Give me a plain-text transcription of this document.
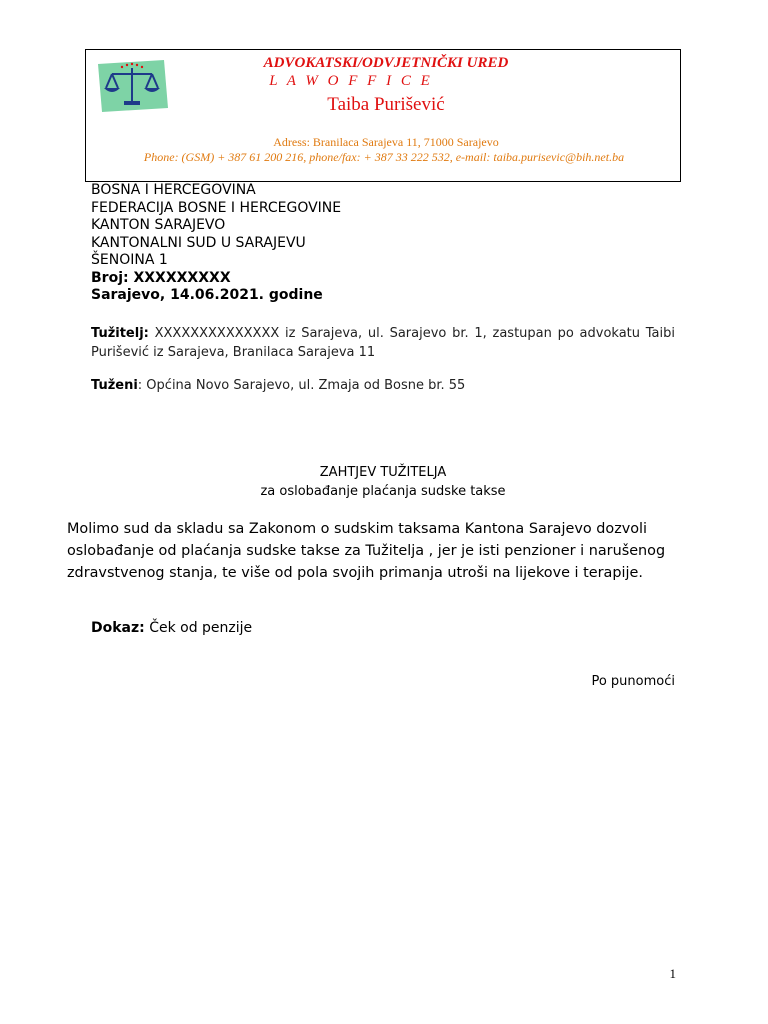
ADVOKATSKI/ODVJETNIČKI URED
L A W O F F I C E
Taiba Purišević
Adress: Branilaca Sarajeva 11, 71000 Sarajevo
Phone: (GSM) + 387 61 200 216, phone/fax: + 387 33 222 532, e-mail: taiba.purisevic@bih.net.ba
BOSNA I HERCEGOVINA
FEDERACIJA BOSNE I HERCEGOVINE
KANTON SARAJEVO
KANTONALNI SUD U SARAJEVU
ŠENOINA 1
Broj: XXXXXXXXX
Sarajevo, 14.06.2021. godine
Tužitelj: XXXXXXXXXXXXXX iz Sarajeva, ul. Sarajevo br. 1, zastupan po advokatu Taibi Purišević iz Sarajeva, Branilaca Sarajeva 11
Tuženi: Općina Novo Sarajevo, ul. Zmaja od Bosne br. 55
ZAHTJEV TUŽITELJA
za oslobađanje plaćanja sudske takse
Molimo sud da skladu sa Zakonom o sudskim taksama Kantona Sarajevo dozvoli oslobađanje od plaćanja sudske takse za Tužitelja , jer je isti penzioner i narušenog zdravstvenog stanja, te više od pola svojih primanja utroši na lijekove i terapije.
Dokaz: Ček od penzije
Po punomoći
1
